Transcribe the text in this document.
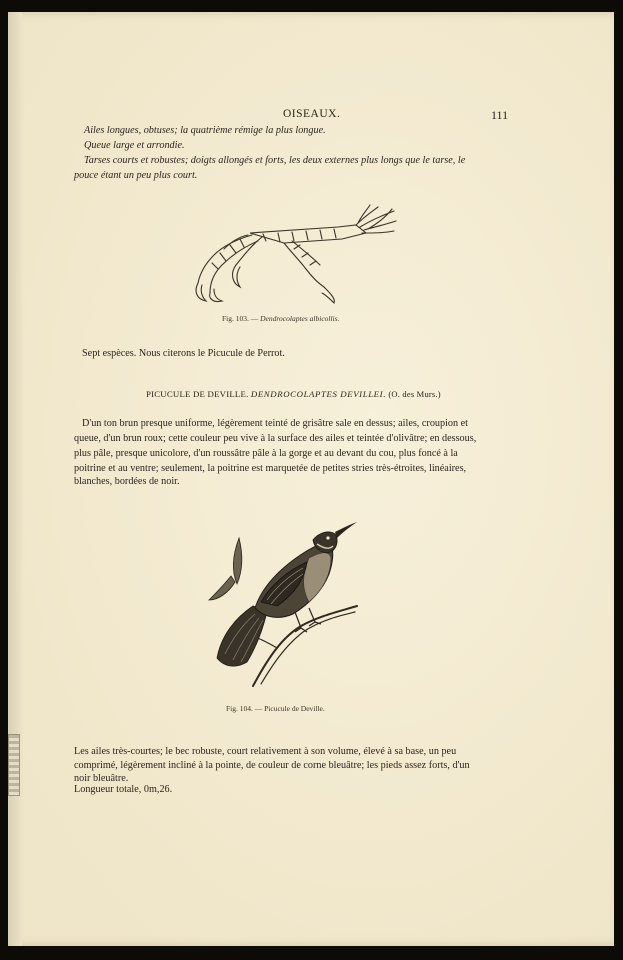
OISEAUX.	111
Ailes longues, obtuses; la quatrième rémige la plus longue.
Queue large et arrondie.
Tarses courts et robustes; doigts allongés et forts, les deux externes plus longs que le tarse, le
pouce étant un peu plus court.
Fig. 103. — Dendrocolaptes albicollis.
Sept espèces. Nous citerons le Picucule de Perrot.
PICUCULE DE DEVILLE. DENDROCOLAPTES DEVILLEI. (O. des Murs.)
D'un ton brun presque uniforme, légèrement teinté de grisâtre sale en dessus; ailes, croupion et
queue, d'un brun roux; cette couleur peu vive à la surface des ailes et teintée d'olivâtre; en dessous,
plus pâle, presque unicolore, d'un roussâtre pâle à la gorge et au devant du cou, plus foncé à la
poitrine et au ventre; seulement, la poitrine est marquetée de petites stries très-étroites, linéaires,
blanches, bordées de noir.
Fig. 104. — Picucule de Deville.
Les ailes très-courtes; le bec robuste, court relativement à son volume, élevé à sa base, un peu
comprimé, légèrement incliné à la pointe, de couleur de corne bleuâtre; les pieds assez forts, d'un
noir bleuâtre.
Longueur totale, 0m,26.
